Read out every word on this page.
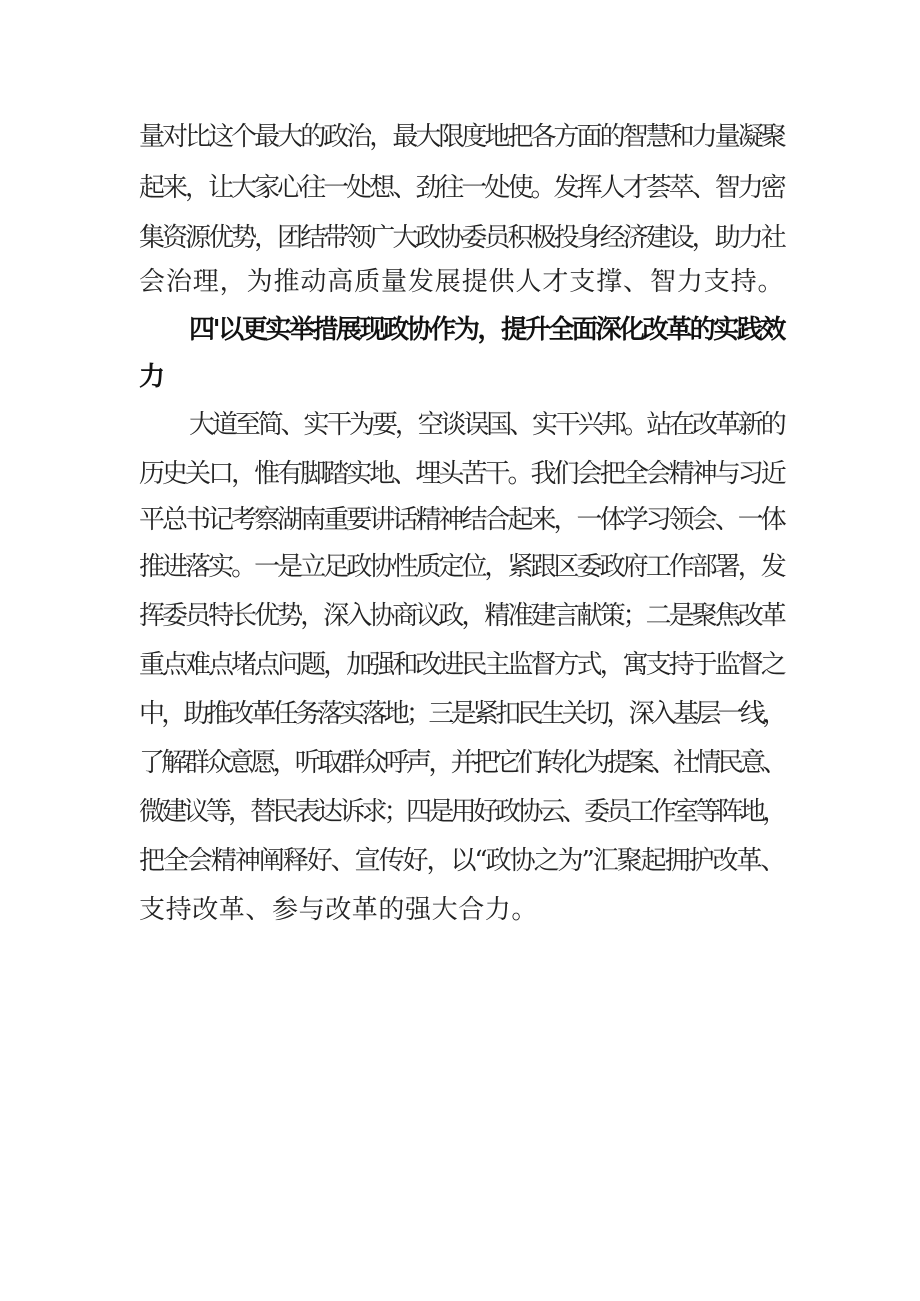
量对比这个最大的政治，最大限度地把各方面的智慧和力量凝聚
起来，让大家心往一处想、劲往一处使。发挥人才荟萃、智力密
集资源优势，团结带领广大政协委员积极投身经济建设，助力社
会治理，为推动高质量发展提供人才支撑、智力支持。
四'以更实举措展现政协作为，提升全面深化改革的实践效
力
大道至简、实干为要，空谈误国、实干兴邦。站在改革新的
历史关口，惟有脚踏实地、埋头苦干。我们会把全会精神与习近
平总书记考察湖南重要讲话精神结合起来，一体学习领会、一体
推进落实。一是立足政协性质定位，紧跟区委政府工作部署，发
挥委员特长优势，深入协商议政，精准建言献策；二是聚焦改革
重点难点堵点问题，加强和改进民主监督方式，寓支持于监督之
中，助推改革任务落实落地；三是紧扣民生关切，深入基层一线，
了解群众意愿，听取群众呼声，并把它们转化为提案、社情民意、
微建议等，替民表达诉求；四是用好政协云、委员工作室等阵地，
把全会精神阐释好、宣传好，以“政协之为”汇聚起拥护改革、
支持改革、参与改革的强大合力。
